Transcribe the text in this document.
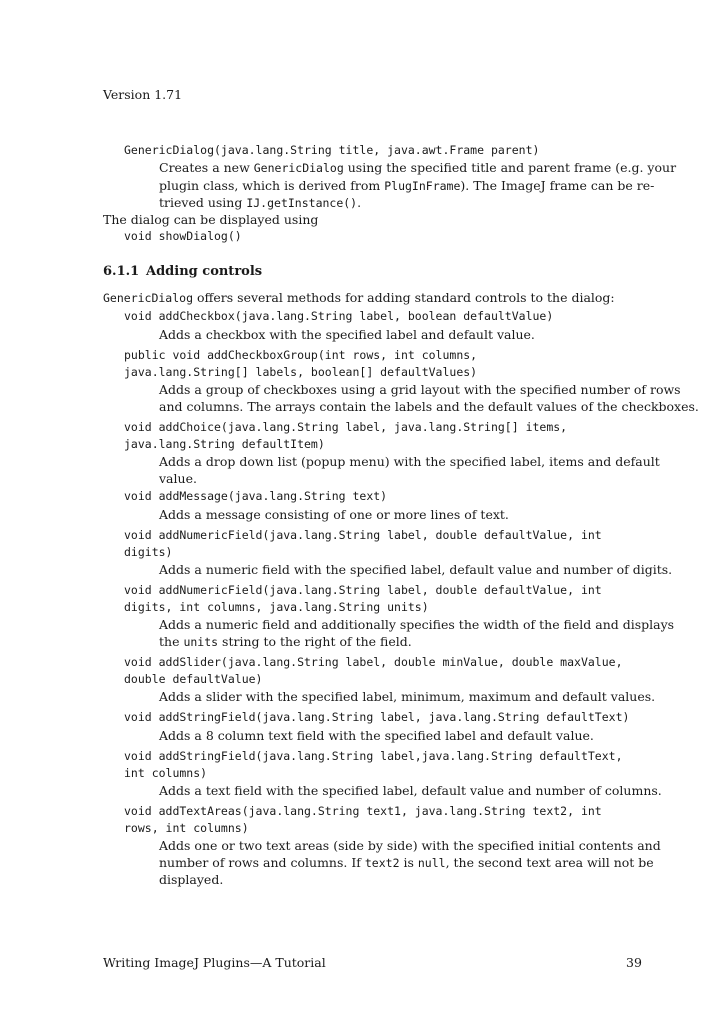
Version 1.71
GenericDialog(java.lang.String title, java.awt.Frame parent)
Creates a new GenericDialog using the specified title and parent frame (e.g. your
plugin class, which is derived from PlugInFrame). The ImageJ frame can be re-
trieved using IJ.getInstance().
The dialog can be displayed using
void showDialog()
6.1.1 Adding controls
GenericDialog offers several methods for adding standard controls to the dialog:
void addCheckbox(java.lang.String label, boolean defaultValue)
Adds a checkbox with the specified label and default value.
public void addCheckboxGroup(int rows, int columns,
java.lang.String[] labels, boolean[] defaultValues)
Adds a group of checkboxes using a grid layout with the specified number of rows
and columns. The arrays contain the labels and the default values of the checkboxes.
void addChoice(java.lang.String label, java.lang.String[] items,
java.lang.String defaultItem)
Adds a drop down list (popup menu) with the specified label, items and default
value.
void addMessage(java.lang.String text)
Adds a message consisting of one or more lines of text.
void addNumericField(java.lang.String label, double defaultValue, int
digits)
Adds a numeric field with the specified label, default value and number of digits.
void addNumericField(java.lang.String label, double defaultValue, int
digits, int columns, java.lang.String units)
Adds a numeric field and additionally specifies the width of the field and displays
the units string to the right of the field.
void addSlider(java.lang.String label, double minValue, double maxValue,
double defaultValue)
Adds a slider with the specified label, minimum, maximum and default values.
void addStringField(java.lang.String label, java.lang.String defaultText)
Adds a 8 column text field with the specified label and default value.
void addStringField(java.lang.String label,java.lang.String defaultText,
int columns)
Adds a text field with the specified label, default value and number of columns.
void addTextAreas(java.lang.String text1, java.lang.String text2, int
rows, int columns)
Adds one or two text areas (side by side) with the specified initial contents and
number of rows and columns. If text2 is null, the second text area will not be
displayed.
Writing ImageJ Plugins—A Tutorial	39
